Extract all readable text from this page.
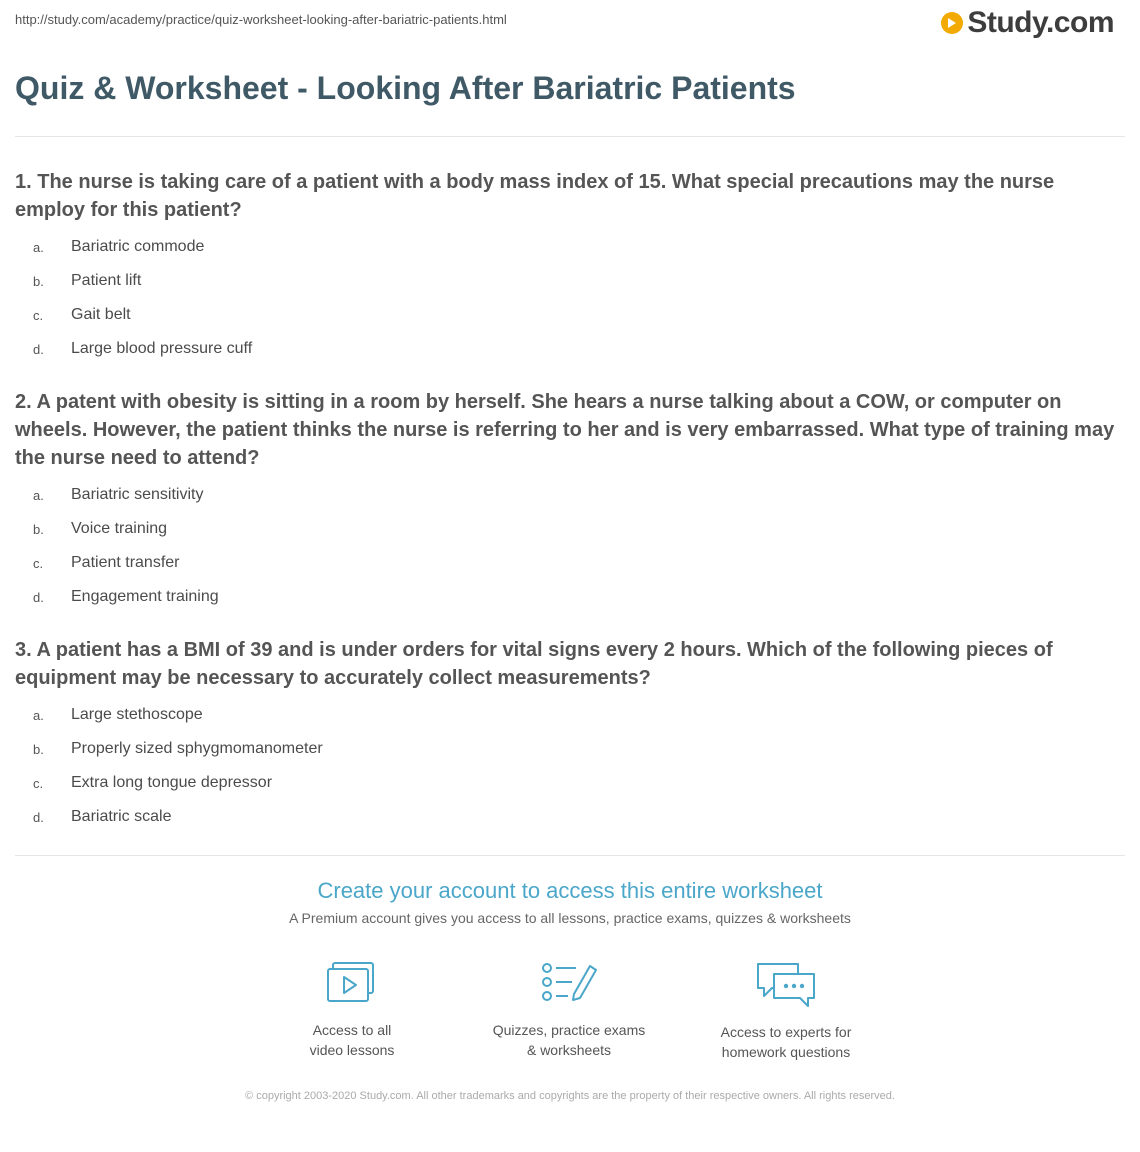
http://study.com/academy/practice/quiz-worksheet-looking-after-bariatric-patients.html	Study.com
Quiz & Worksheet - Looking After Bariatric Patients

1. The nurse is taking care of a patient with a body mass index of 15. What special precautions may the nurse employ for this patient?

a.	Bariatric commode
b.	Patient lift
c.	Gait belt
d.	Large blood pressure cuff

2. A patent with obesity is sitting in a room by herself. She hears a nurse talking about a COW, or computer on wheels. However, the patient thinks the nurse is referring to her and is very embarrassed. What type of training may the nurse need to attend?

a.	Bariatric sensitivity
b.	Voice training
c.	Patient transfer
d.	Engagement training

3. A patient has a BMI of 39 and is under orders for vital signs every 2 hours. Which of the following pieces of equipment may be necessary to accurately collect measurements?

a.	Large stethoscope
b.	Properly sized sphygmomanometer
c.	Extra long tongue depressor
d.	Bariatric scale

Create your account to access this entire worksheet

A Premium account gives you access to all lessons, practice exams, quizzes & worksheets

Access to all
video lessons
Quizzes, practice exams
& worksheets
Access to experts for
homework questions
© copyright 2003-2020 Study.com. All other trademarks and copyrights are the property of their respective owners. All rights reserved.
